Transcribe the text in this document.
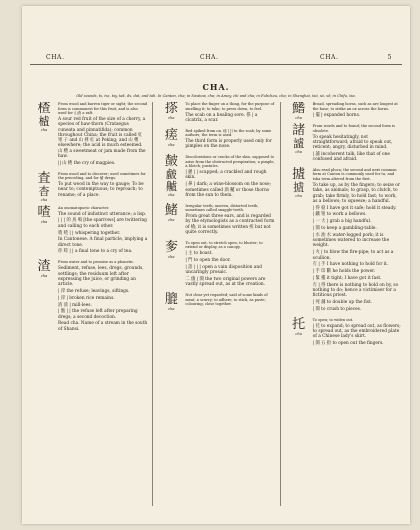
CHA.	CHA.	CHA.	5
CHA.
Old sounds, ts, tsz, tsy, tak, ds, dat, and tah. In Canton, cha; in Swatow, cha; in Amoy, chi and cha; in Fuhchau, cha; in Shanghai, tsó, só, sô; in Chifu, tsa.
楂
樝
cha

From wood and barren tiger or sight; the second form is commonest for this fruit, and is also used for 山查 a raft.

A sour red fruit of the size of a cherry, a species of haw-thorn (Crataegus cuneata and pinnatifida); common throughout China; the fruit is called 紅 果 子 and 山 裡 紅 at Peking; and 山 楂 elsewhere; the acid is much esteemed. 山 楂 a sweetmeat or jam made from the haw.

|| 山 楂 the cry of magpies.

査
杳
cha

From wood and to discover; used sometimes for the preceding, and for 樝 dregs.

To put wood in the way to gauge; To be near to; contemptuous; to reproach; to rename; of a place.

喳
cha

An onomatopoeic character.

The sound of indistinct utterance; a lisp.

| | | 的 鳥 鳴 [the sparrows] are twittering and calling to each other.

喳 喳 | | whispering together.

In Cantonese. A final particle, implying a direct tone.

你 嗟 | | a final tone to a cry of tea.

渣
cha

From water and to promise as a phonetic.

Sediment, refuse, lees, dregs, grounds, settlings; the residuum left after expressing the juice, or grinding an article.

| 滓 the refuse; leavings, siftings.

| 滓 | broken rice remains.

渣 渣 | mill-lees.

| 甑 | | the refuse left after preparing dregs; a second decoction.

Read cha. Name of a stream in the south of Shansi.

搽
cha

To place the finger on a thing, for the purpose of smelling it; to take, to press down, to feel.

The scab on a healing sore. 搽 | a cicatrix, a scar.

瘥
cha

Red spiked from on. 瘥 | || to the scab; by some authors; the term is used.

The third form is properly used only for pimples on the nose.

皶
皻
齇
cha

Discolorations or cracks of the skin, supposed to arise from the obstructed perspiration; a pimple, a blotch, pustules.

| 麗 | | scapped; a crackled and rough skin.

| 鼻 | dark; a wine-blossom on the nose; sometimes called 酒 齇 or those thorns from the sun to them.

鯺
cha

Irregular teeth; uneven, distorted teeth, sometimes called snaggle-teeth.

From great three ears, and is regarded by the etymologists as a contracted form of 嵖; it is sometimes written 瘥 but not quite correctly.

奓
cha

To open out, to stretch open; to bluster; to extend or display, as a canopy.

| 主 to boast.

| 門 to open the door.

| 語 | | | open a vain disposition and uncaringly prosaic.

二 儀 | 開 the two original powers are vastly spread out, as at the creation.

膍
cha

Not clear yet regarded; said of some kinds of meat; a scurry; to adhere, to stick, as paste; colouring, close together.

鰭
cha

Broad, spreading horns, such as are longest at the base; to strike an ox across the horns.

| 擺 | expanded horns.

諸
謯
cha

From words and to found; the second form is obsolete.

To speak hesitatingly, not straightforward; afraid to speak out, reticent; angry, disturbed in mind.

| 謯 incoherent talk, like that of one confused and afraid.

摣
摣
cha

Also read pluca; the second and next common form at Canton is commonly used for tu, and tsha term altered from the first.

To take up, as by the fingers; to seize or take, as animals; to grasp, to clutch, to grab; take firmly, to hold fast; to work, as a bellows; to squeeze; a handful.

| 得 稳 I have got it safe; hold it steady.

| 鐵 钳 to work a bellows.

| 一 大 | grab a big handful.

| 開 to keep a gambling-table.

| 水 油 水 water-logged pork; it is sometimes watered to increase the weight.

| 火 | to blow the fire-pipe; to act as a scullion.

冇 | 手 I have nothing to hold for it.

| 手 印 斷 he holds the power.

| 緊 摟 it tight; I have got it fast.

冇 | 得 there is nothing to hold on by, so nothing to do; hence a victimiser for a fictitious priest.

| 死 舖 to double up the fist.

| 開 to crush to pieces.

托
cha

To open; to widen out.

| 托 to expand; to spread out, as flowers; to spread out, as the embroidered plate of a Chinese lady's skirt.

| 開 五 指 to open out the fingers.
